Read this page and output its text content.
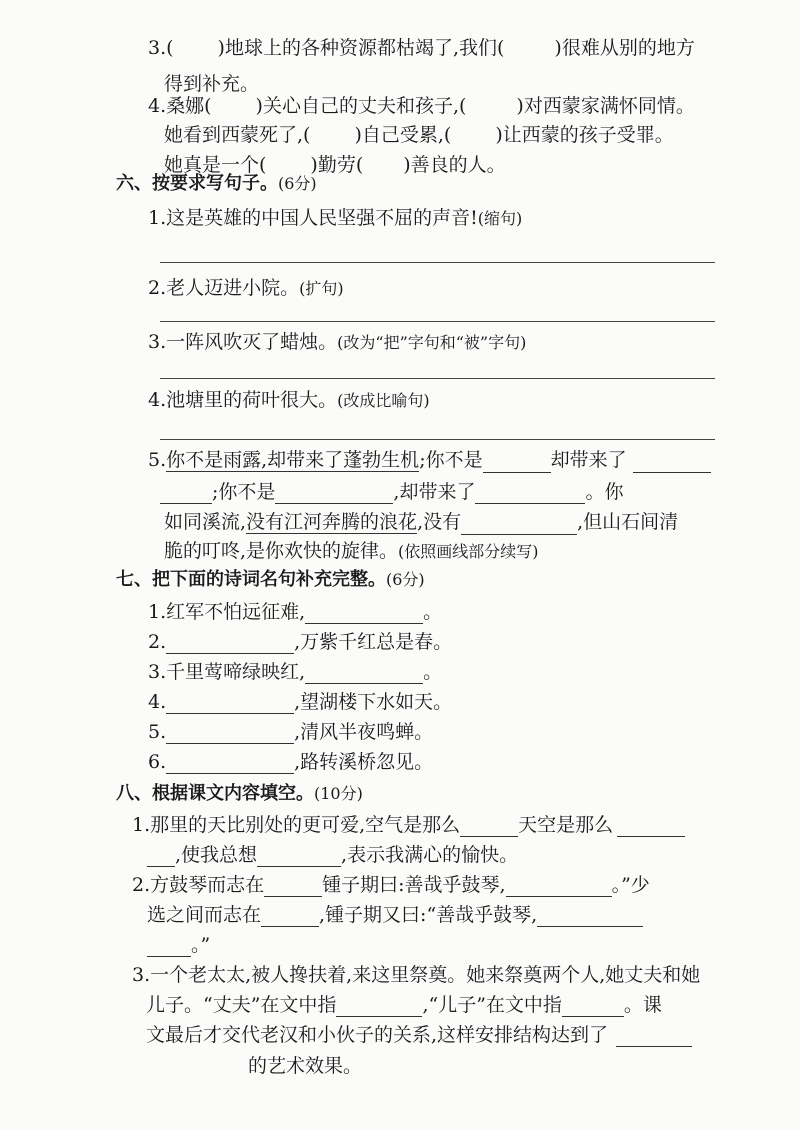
3.( )地球上的各种资源都枯竭了,我们(	)很难从别的地方
得到补充。
4.桑娜( )关心自己的丈夫和孩子,(	)对西蒙家满怀同情。
她看到西蒙死了,( )自己受累,( )让西蒙的孩子受罪。
她真是一个( )勤劳( )善良的人。
六、按要求写句子。(6分)
1.这是英雄的中国人民坚强不屈的声音!(缩句)
2.老人迈进小院。(扩句)
3.一阵风吹灭了蜡烛。(改为“把”字句和“被”字句)
4.池塘里的荷叶很大。(改成比喻句)
5.你不是雨露,却带来了蓬勃生机;你不是	却带来了
;你不是	,却带来了	。你
如同溪流,没有江河奔腾的浪花,没有	,但山石间清
脆的叮咚,是你欢快的旋律。(依照画线部分续写)
七、把下面的诗词名句补充完整。(6分)
1.红军不怕远征难,	。
2.	,万紫千红总是春。
3.千里莺啼绿映红,	。
4.	,望湖楼下水如天。
5.	,清风半夜鸣蝉。
6.	,路转溪桥忽见。
八、根据课文内容填空。(10分)
1.那里的天比别处的更可爱,空气是那么	天空是那么
,使我总想	,表示我满心的愉快。
2.方鼓琴而志在	锺子期曰:善哉乎鼓琴,	。”少
选之间而志在	,锺子期又曰:“善哉乎鼓琴,
。”
3.一个老太太,被人搀扶着,来这里祭奠。她来祭奠两个人,她丈夫和她
儿子。“丈夫”在文中指	,“儿子”在文中指	。课
文最后才交代老汉和小伙子的关系,这样安排结构达到了
的艺术效果。
